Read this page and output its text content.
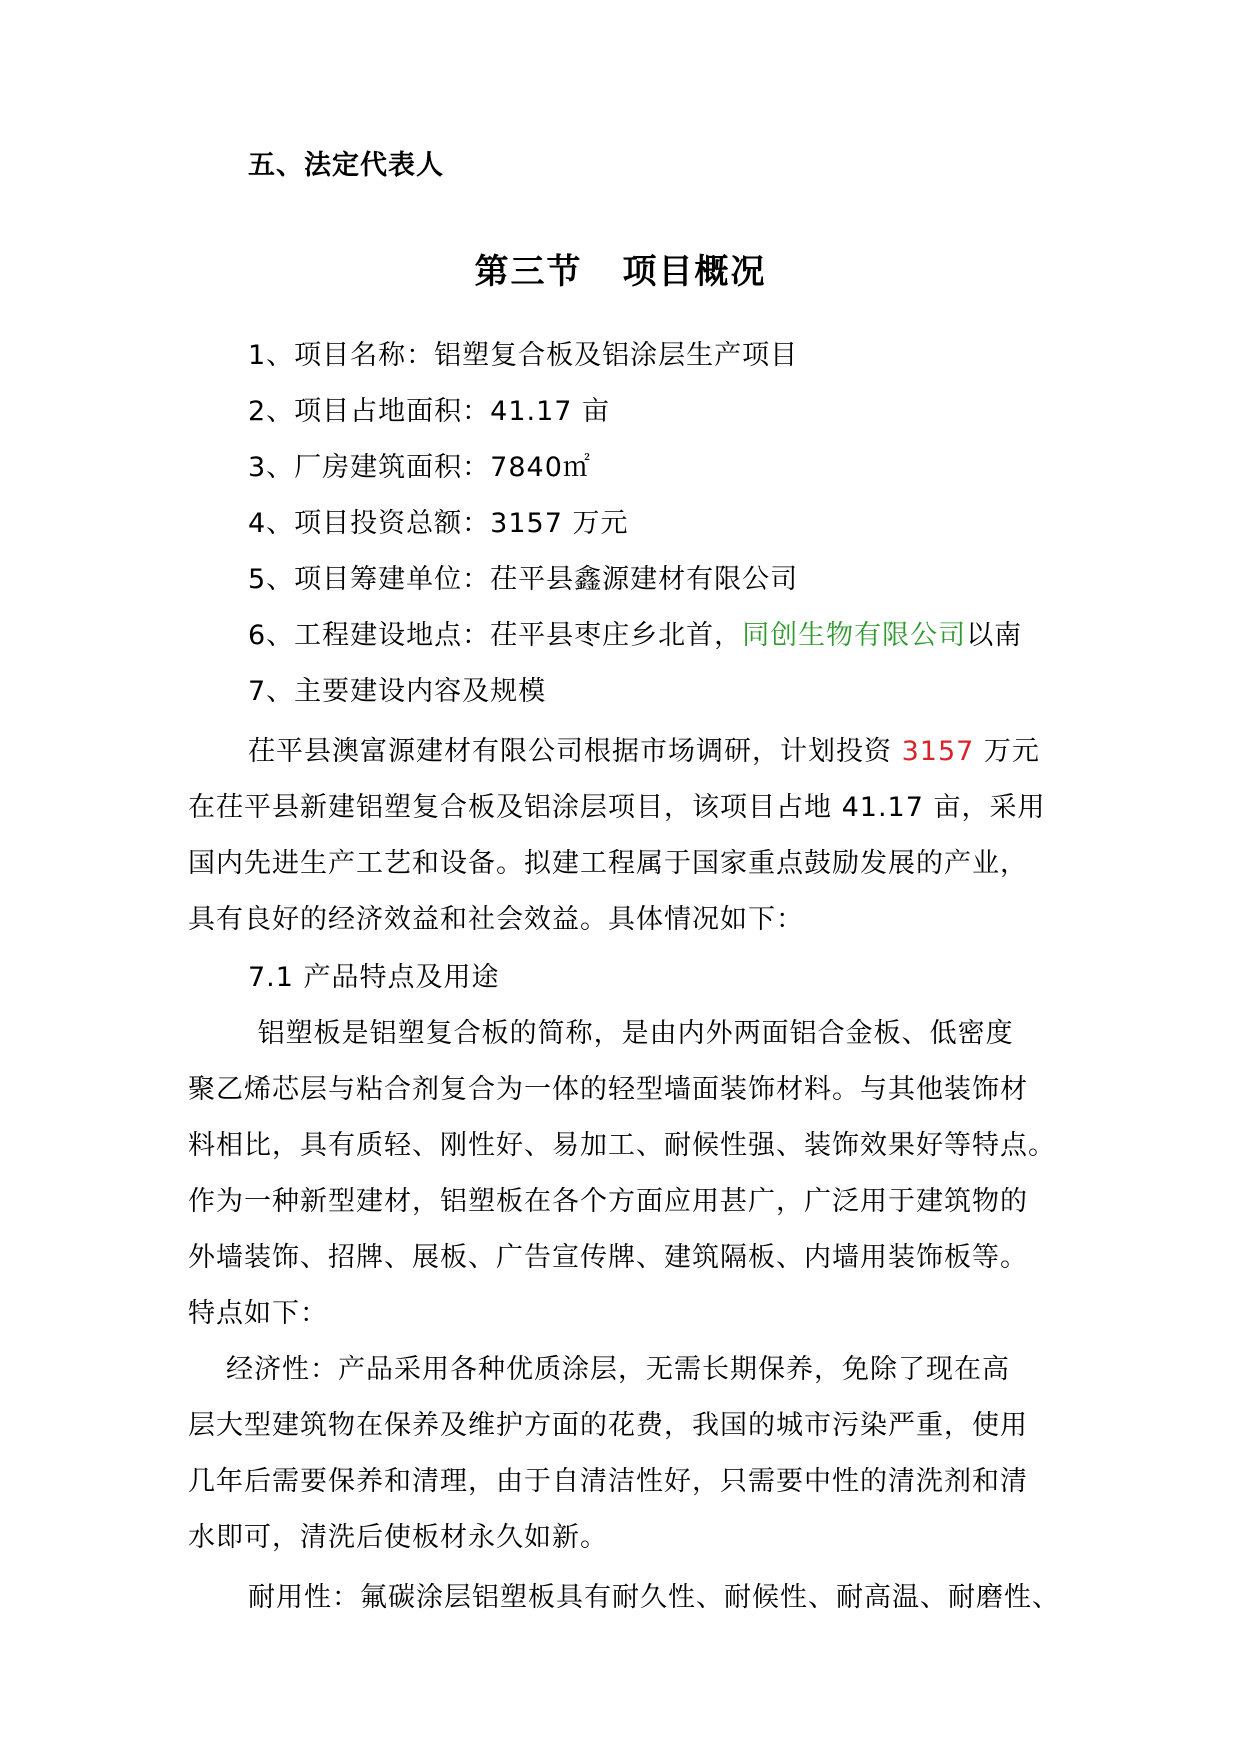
五、法定代表人
第三节 项目概况
1、项目名称：铝塑复合板及铝涂层生产项目
2、项目占地面积：41.17 亩
3、厂房建筑面积：7840㎡
4、项目投资总额：3157 万元
5、项目筹建单位：茌平县鑫源建材有限公司
6、工程建设地点：茌平县枣庄乡北首，同创生物有限公司以南
7、主要建设内容及规模
茌平县澳富源建材有限公司根据市场调研，计划投资 3157 万元
在茌平县新建铝塑复合板及铝涂层项目，该项目占地 41.17 亩，采用
国内先进生产工艺和设备。拟建工程属于国家重点鼓励发展的产业，
具有良好的经济效益和社会效益。具体情况如下：
7.1 产品特点及用途
铝塑板是铝塑复合板的简称，是由内外两面铝合金板、低密度
聚乙烯芯层与粘合剂复合为一体的轻型墙面装饰材料。与其他装饰材
料相比，具有质轻、刚性好、易加工、耐候性强、装饰效果好等特点。
作为一种新型建材，铝塑板在各个方面应用甚广，广泛用于建筑物的
外墙装饰、招牌、展板、广告宣传牌、建筑隔板、内墙用装饰板等。
特点如下：
经济性：产品采用各种优质涂层，无需长期保养，免除了现在高
层大型建筑物在保养及维护方面的花费，我国的城市污染严重，使用
几年后需要保养和清理，由于自清洁性好，只需要中性的清洗剂和清
水即可，清洗后使板材永久如新。
耐用性：氟碳涂层铝塑板具有耐久性、耐候性、耐高温、耐磨性、
